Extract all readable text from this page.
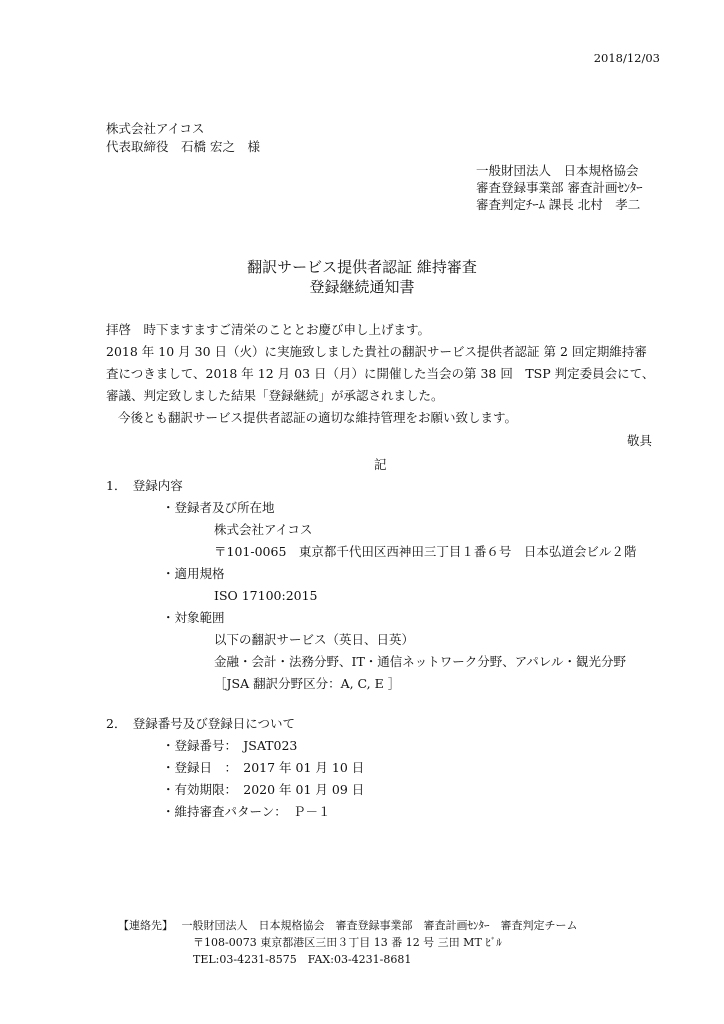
2018/12/03
株式会社アイコス
代表取締役　石橋 宏之　様
一般財団法人　日本規格協会
審査登録事業部 審査計画ｾﾝﾀｰ
審査判定ﾁｰﾑ 課長 北村　孝二
翻訳サービス提供者認証 維持審査
登録継続通知書
拝啓　時下ますますご清栄のこととお慶び申し上げます。
2018 年 10 月 30 日（火）に実施致しました貴社の翻訳サービス提供者認証 第 2 回定期維持審
査につきまして、2018 年 12 月 03 日（月）に開催した当会の第 38 回　TSP 判定委員会にて、
審議、判定致しました結果「登録継続」が承認されました。
今後とも翻訳サービス提供者認証の適切な維持管理をお願い致します。
敬具
記
1．　登録内容
・登録者及び所在地
株式会社アイコス
〒101-0065　東京都千代田区西神田三丁目１番６号　日本弘道会ビル２階
・適用規格
ISO 17100:2015
・対象範囲
以下の翻訳サービス（英日、日英）
金融・会計・法務分野、IT・通信ネットワーク分野、アパレル・観光分野
［JSA 翻訳分野区分：A, C, E ］
2．　登録番号及び登録日について
・登録番号：　JSAT023
・登録日　：　2017 年 01 月 10 日
・有効期限：　2020 年 01 月 09 日
・維持審査パターン：　Ｐ－１
【連絡先】 一般財団法人　日本規格協会　審査登録事業部　審査計画ｾﾝﾀｰ　審査判定チーム
〒108-0073 東京都港区三田３丁目 13 番 12 号 三田 MT ﾋﾞﾙ
TEL:03-4231-8575　FAX:03-4231-8681
